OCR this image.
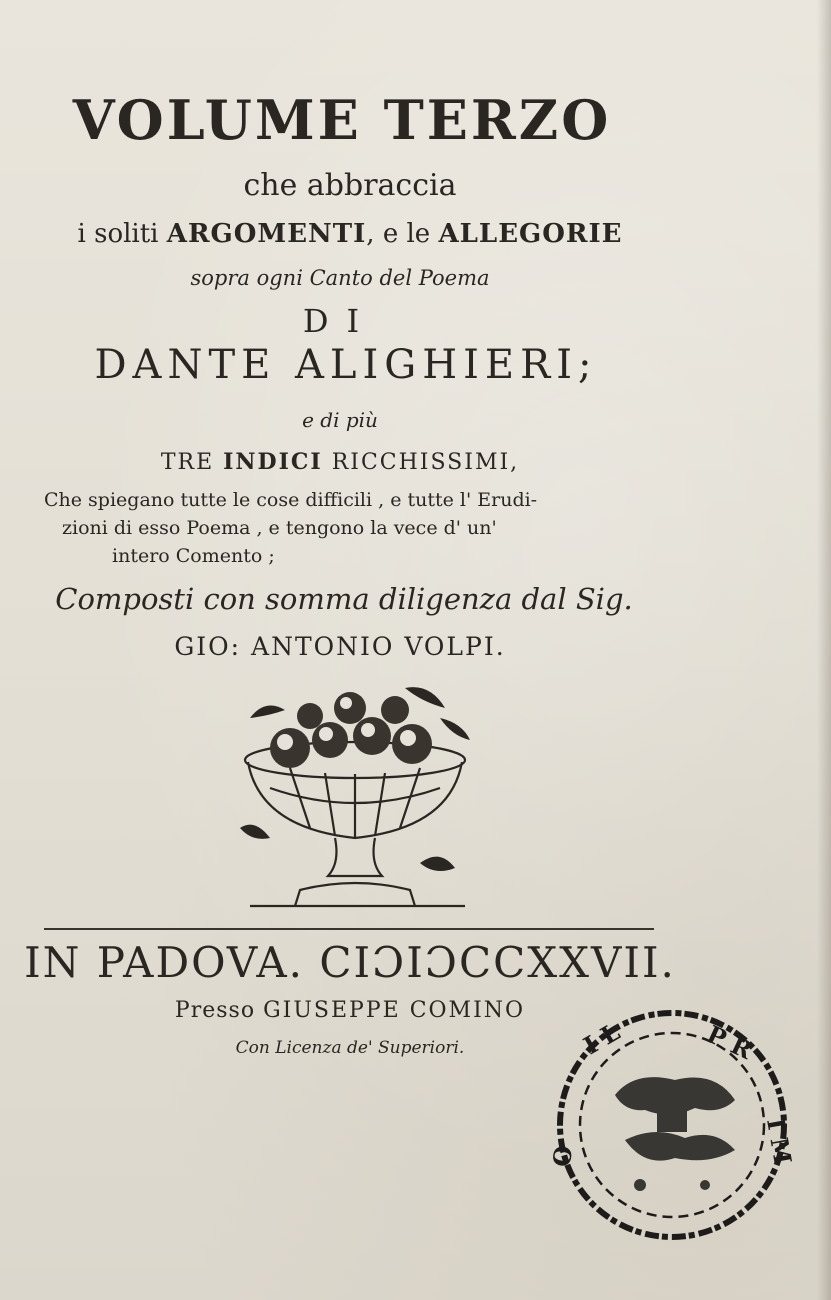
VOLUME TERZO
che abbraccia
i soliti ARGOMENTI, e le ALLEGORIE
sopra ogni Canto del Poema
DI
DANTE ALIGHIERI;
e di più
TRE INDICI RICCHISSIMI,
Che spiegano tutte le cose difficili , e tutte l' Erudi-
zioni di esso Poema , e tengono la vece d' un'
intero Comento ;
Composti con somma diligenza dal Sig.
GIO: ANTONIO VOLPI.
IN PADOVA. CIƆIƆCCXXVII.
Presso GIUSEPPE COMINO
Con Licenza de' Superiori.	I L	P R
I M
O
